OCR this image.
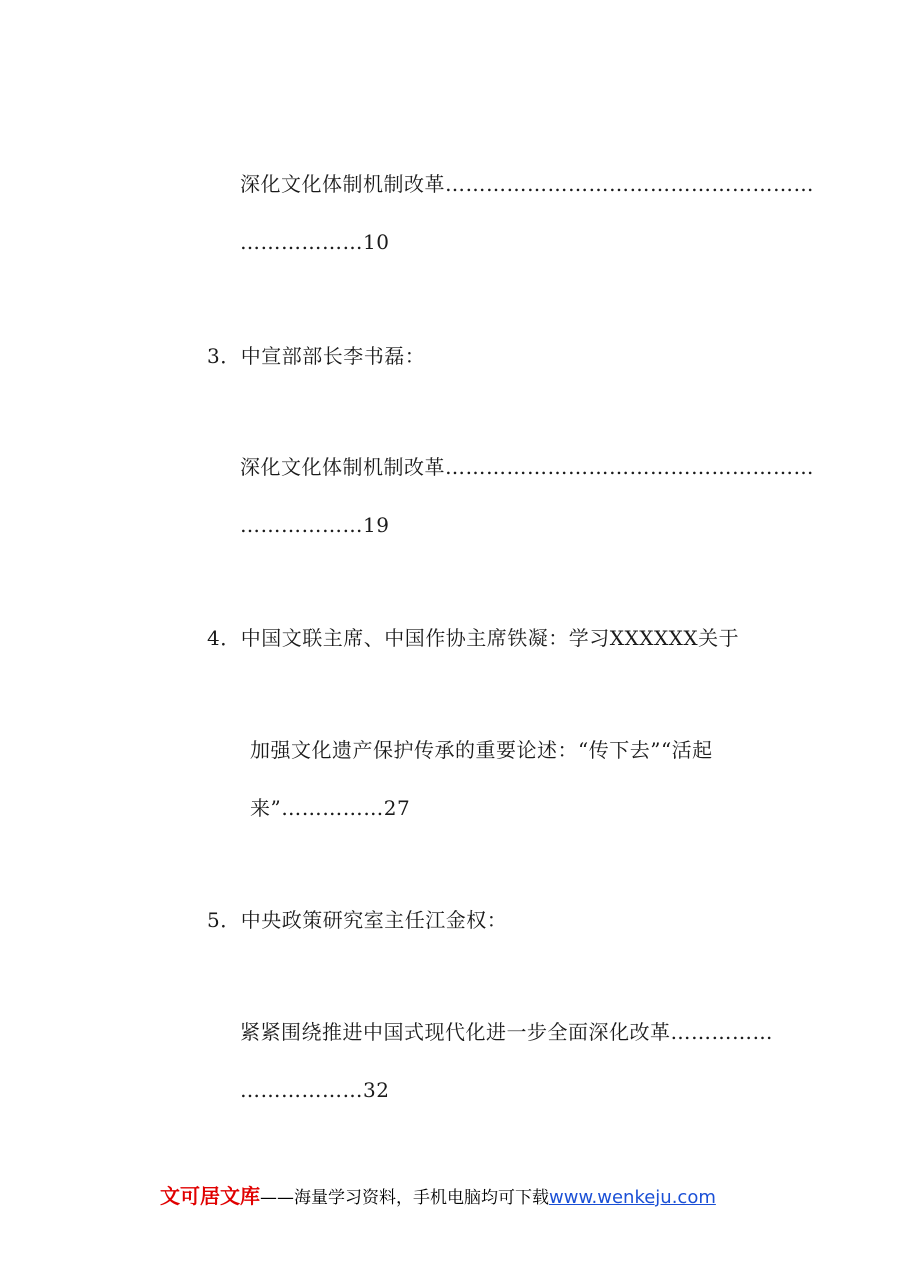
深化文化体制机制改革………………………………………………
………………10
3．中宣部部长李书磊：
深化文化体制机制改革………………………………………………
………………19
4．中国文联主席、中国作协主席铁凝：学习XXXXXX关于
加强文化遗产保护传承的重要论述：“传下去”“活起
来”……………27
5．中央政策研究室主任江金权：
紧紧围绕推进中国式现代化进一步全面深化改革……………
………………32
文可居文库——海量学习资料，手机电脑均可下载www.wenkeju.com
